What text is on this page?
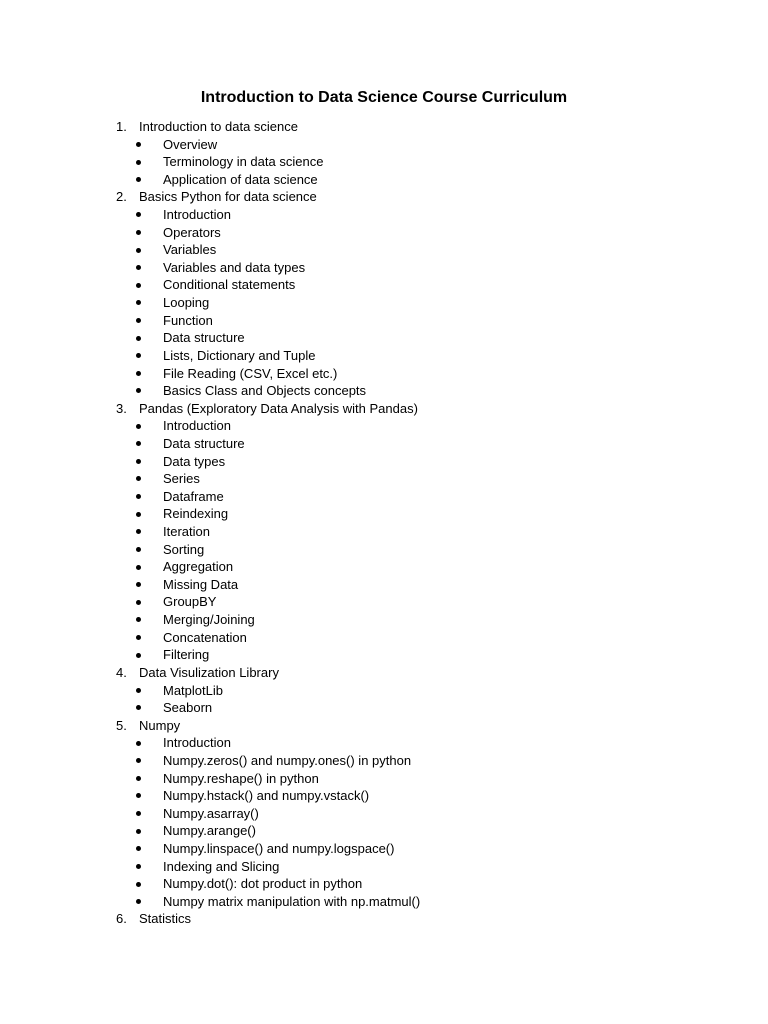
Introduction to Data Science Course Curriculum
1. Introduction to data science
Overview
Terminology in data science
Application of data science
2. Basics Python for data science
Introduction
Operators
Variables
Variables and data types
Conditional statements
Looping
Function
Data structure
Lists, Dictionary and Tuple
File Reading (CSV, Excel etc.)
Basics Class and Objects concepts
3. Pandas (Exploratory Data Analysis with Pandas)
Introduction
Data structure
Data types
Series
Dataframe
Reindexing
Iteration
Sorting
Aggregation
Missing Data
GroupBY
Merging/Joining
Concatenation
Filtering
4. Data Visulization Library
MatplotLib
Seaborn
5. Numpy
Introduction
Numpy.zeros() and numpy.ones() in python
Numpy.reshape() in python
Numpy.hstack() and numpy.vstack()
Numpy.asarray()
Numpy.arange()
Numpy.linspace() and numpy.logspace()
Indexing and Slicing
Numpy.dot(): dot product in python
Numpy matrix manipulation with np.matmul()
6. Statistics
